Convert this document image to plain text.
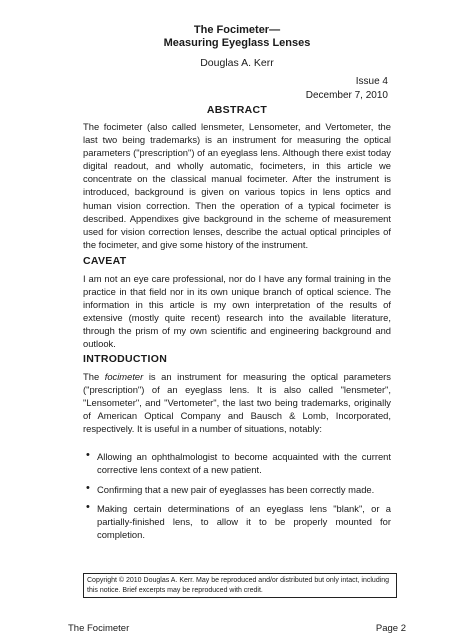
The Focimeter—
Measuring Eyeglass Lenses
Douglas A. Kerr
Issue 4
December 7, 2010
ABSTRACT

The focimeter (also called lensmeter, Lensometer, and Vertometer, the last two being trademarks) is an instrument for measuring the optical parameters ("prescription") of an eyeglass lens. Although there exist today digital readout, and wholly automatic, focimeters, in this article we concentrate on the classical manual focimeter. After the instrument is introduced, background is given on various topics in lens optics and human vision correction. Then the operation of a typical focimeter is described. Appendixes give background in the scheme of measurement used for vision correction lenses, describe the actual optical principles of the focimeter, and give some history of the instrument.

CAVEAT

I am not an eye care professional, nor do I have any formal training in the practice in that field nor in its own unique branch of optical science. The information in this article is my own interpretation of the results of extensive (mostly quite recent) research into the available literature, through the prism of my own scientific and engineering background and outlook.

INTRODUCTION

The focimeter is an instrument for measuring the optical parameters ("prescription") of an eyeglass lens. It is also called "lensmeter", "Lensometer", and "Vertometer", the last two being trademarks, originally of American Optical Company and Bausch & Lomb, Incorporated, respectively. It is useful in a number of situations, notably:

• Allowing an ophthalmologist to become acquainted with the current corrective lens context of a new patient.
• Confirming that a new pair of eyeglasses has been correctly made.
• Making certain determinations of an eyeglass lens "blank", or a partially-finished lens, to allow it to be properly mounted for completion.
Copyright © 2010 Douglas A. Kerr. May be reproduced and/or distributed but only intact, including this notice. Brief excerpts may be reproduced with credit.
The Focimeter	Page 2
